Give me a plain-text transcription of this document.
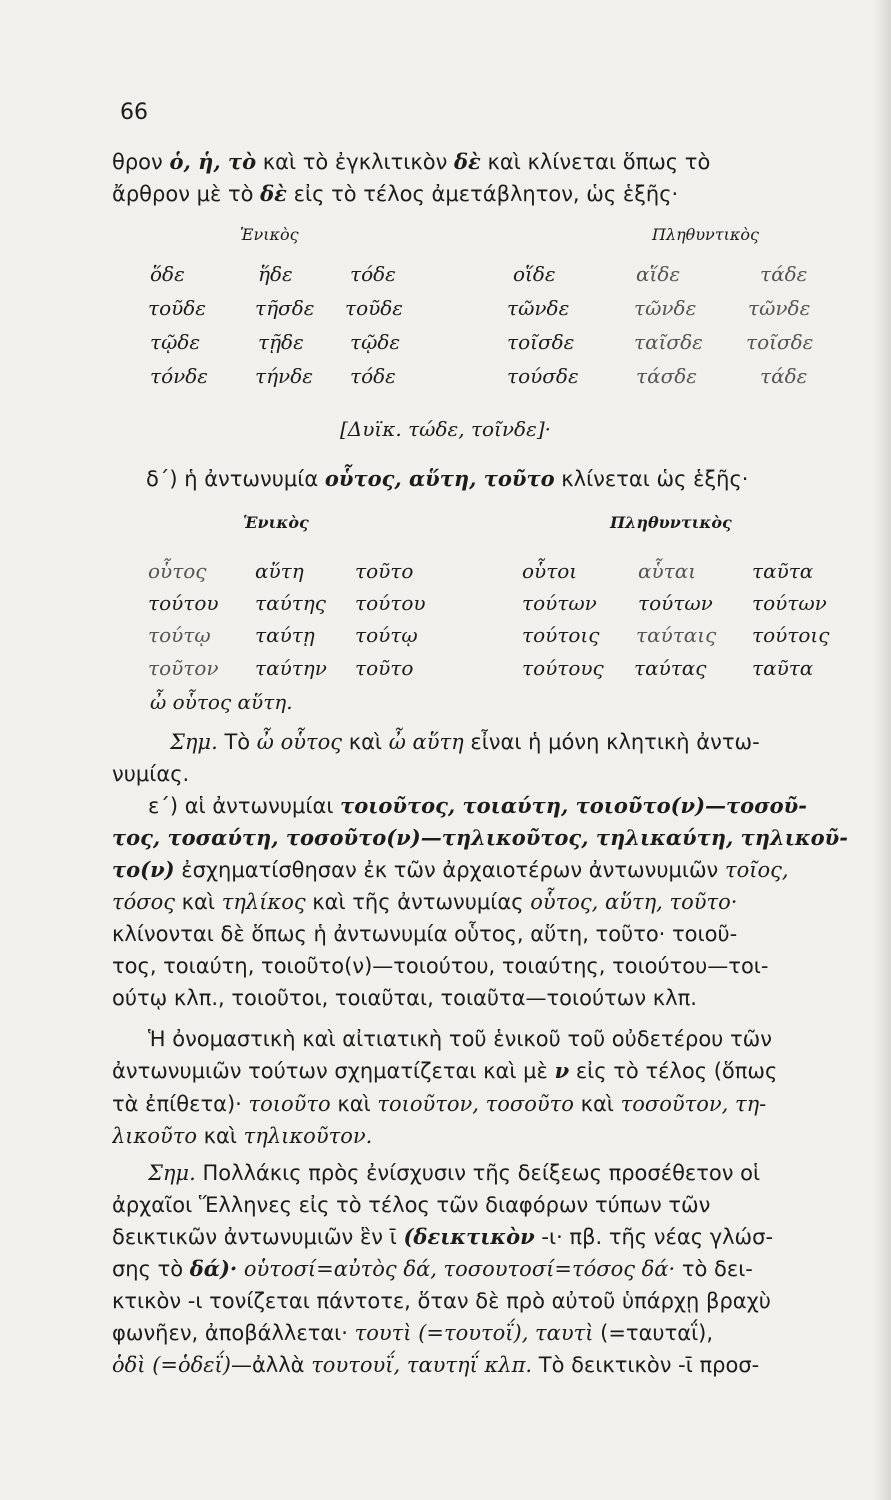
66
θρον ὁ, ἡ, τὸ καὶ τὸ ἐγκλιτικὸν δὲ καὶ κλίνεται ὅπως τὸ
ἄρθρον μὲ τὸ δὲ εἰς τὸ τέλος ἀμετάβλητον, ὡς ἑξῆς·
Ἑνικὸς	Πληθυντικὸς
ὅδε	ἥδε	τόδε	οἵδε	αἵδε	τάδε
τοῦδε τῆσδε τοῦδε	τῶνδε	τῶνδε	τῶνδε
τῷδε	τῇδε τῷδε	τοῖσδε	ταῖσδε τοῖσδε
τόνδε τήνδε τόδε	τούσδε	τάσδε	τάδε
[Δυϊκ. τώδε, τοῖνδε]·
δ΄) ἡ ἀντωνυμία οὗτος, αὕτη, τοῦτο κλίνεται ὡς ἑξῆς·
Ἑνικὸς	Πληθυντικὸς
οὗτος αὕτη	τοῦτο	οὗτοι	αὗται	ταῦτα
τούτου ταύτης τούτου	τούτων τούτων τούτων
τούτῳ ταύτῃ τούτῳ	τούτοις ταύταις τούτοις
τοῦτον ταύτην τοῦτο	τούτους ταύτας ταῦτα
ὦ οὗτος αὕτη.
Σημ. Τὸ ὦ οὗτος καὶ ὦ αὕτη εἶναι ἡ μόνη κλητικὴ ἀντω-
νυμίας.
ε΄) αἱ ἀντωνυμίαι τοιοῦτος, τοιαύτη, τοιοῦτο(ν)—τοσοῦ-
τος, τοσαύτη, τοσοῦτο(ν)—τηλικοῦτος, τηλικαύτη, τηλικοῦ-
το(ν) ἐσχηματίσθησαν ἐκ τῶν ἀρχαιοτέρων ἀντωνυμιῶν τοῖος,
τόσος καὶ τηλίκος καὶ τῆς ἀντωνυμίας οὗτος, αὕτη, τοῦτο·
κλίνονται δὲ ὅπως ἡ ἀντωνυμία οὗτος, αὕτη, τοῦτο· τοιοῦ-
τος, τοιαύτη, τοιοῦτο(ν)—τοιούτου, τοιαύτης, τοιούτου—τοι-
ούτῳ κλπ., τοιοῦτοι, τοιαῦται, τοιαῦτα—τοιούτων κλπ.
Ἡ ὀνομαστικὴ καὶ αἰτιατικὴ τοῦ ἑνικοῦ τοῦ οὐδετέρου τῶν
ἀντωνυμιῶν τούτων σχηματίζεται καὶ μὲ ν εἰς τὸ τέλος (ὅπως
τὰ ἐπίθετα)· τοιοῦτο καὶ τοιοῦτον, τοσοῦτο καὶ τοσοῦτον, τη-
λικοῦτο καὶ τηλικοῦτον.
Σημ. Πολλάκις πρὸς ἐνίσχυσιν τῆς δείξεως προσέθετον οἱ
ἀρχαῖοι Ἕλληνες εἰς τὸ τέλος τῶν διαφόρων τύπων τῶν
δεικτικῶν ἀντωνυμιῶν ἓν ῑ (δεικτικὸν -ι· πβ. τῆς νέας γλώσ-
σης τὸ δά)· οὑτοσί=αὐτὸς δά, τοσουτοσί=τόσος δά· τὸ δει-
κτικὸν -ι τονίζεται πάντοτε, ὅταν δὲ πρὸ αὐτοῦ ὑπάρχῃ βραχὺ
φωνῆεν, ἀποβάλλεται· τουτὶ (=τουτοΐ), ταυτὶ (=ταυταΐ),
ὁδὶ (=ὁδεΐ)—ἀλλὰ τουτουΐ, ταυτηΐ κλπ. Τὸ δεικτικὸν -ῑ προσ-
